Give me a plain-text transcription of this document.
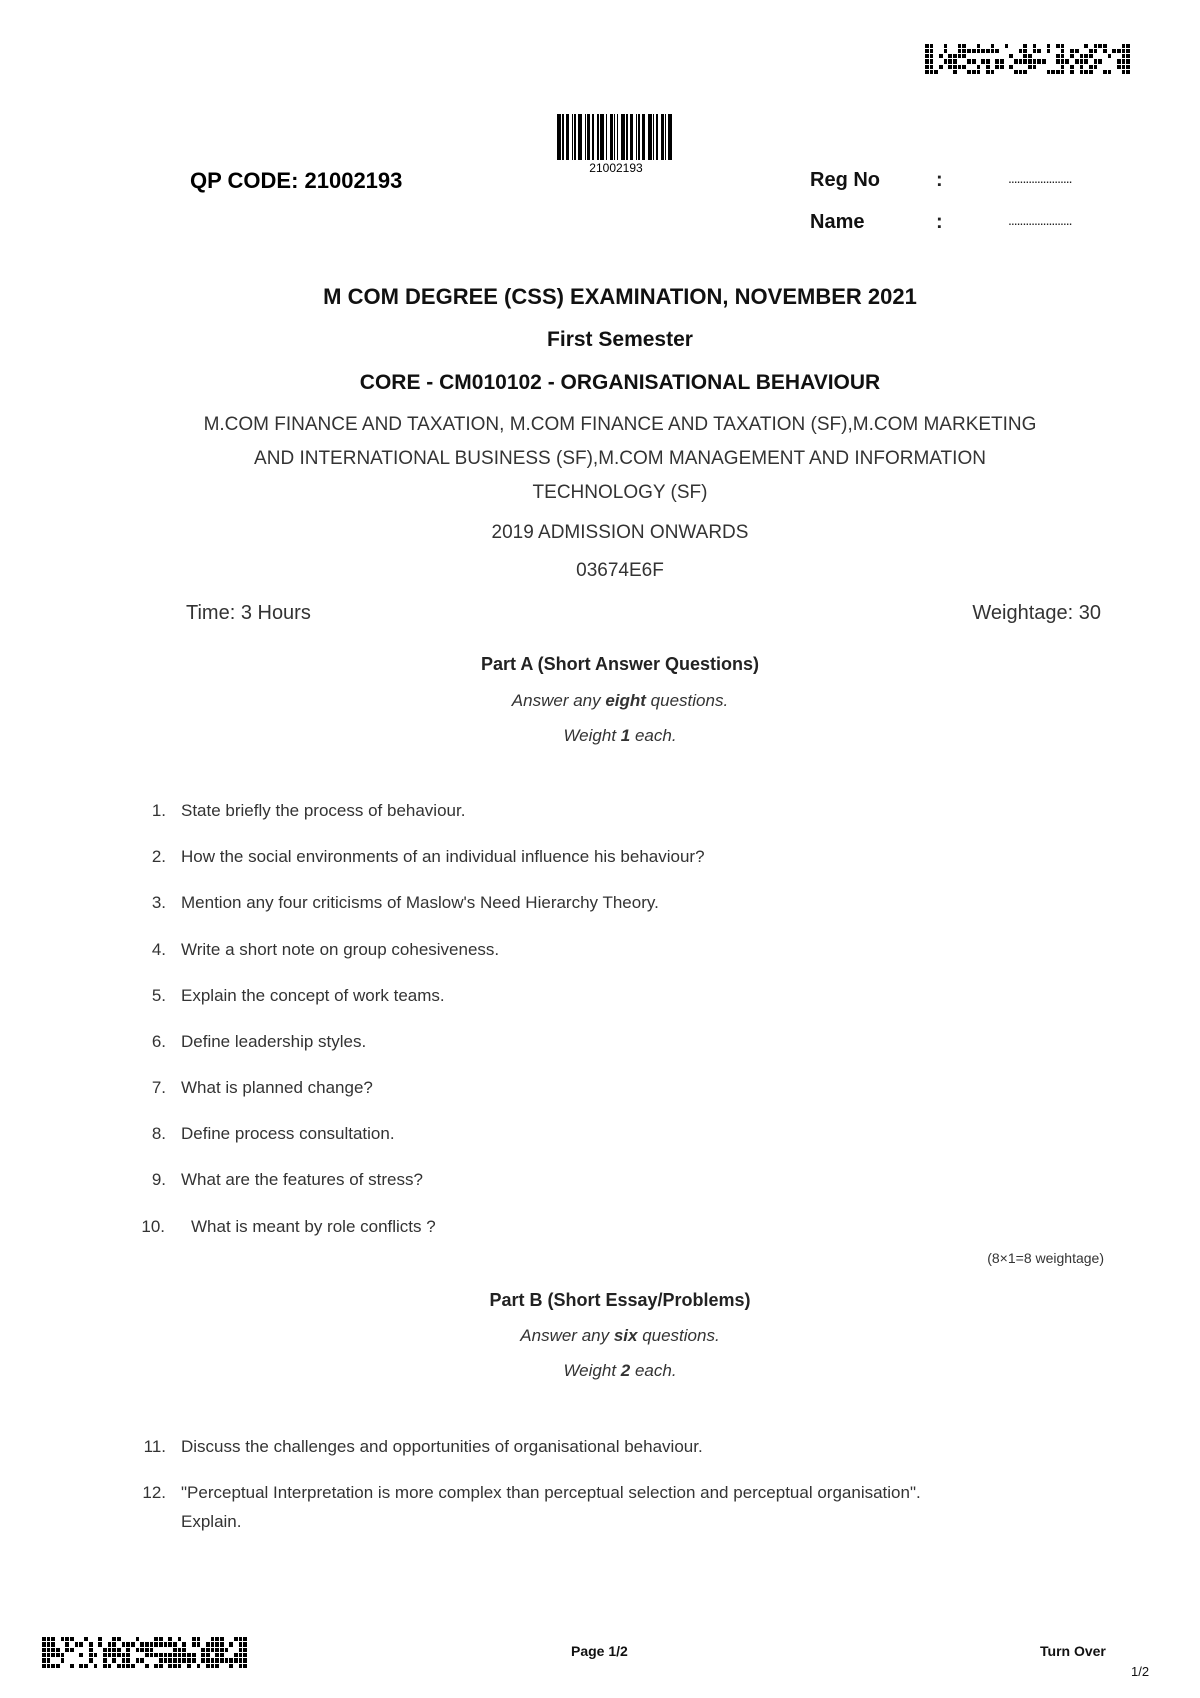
21002193
QP CODE: 21002193	Reg No	:	......................
Name	:	......................
M COM DEGREE (CSS) EXAMINATION, NOVEMBER 2021
First Semester
CORE - CM010102 - ORGANISATIONAL BEHAVIOUR
M.COM FINANCE AND TAXATION, M.COM FINANCE AND TAXATION (SF),M.COM MARKETING
AND INTERNATIONAL BUSINESS (SF),M.COM MANAGEMENT AND INFORMATION
TECHNOLOGY (SF)
2019 ADMISSION ONWARDS
03674E6F
Time: 3 Hours	Weightage: 30
Part A (Short Answer Questions)
Answer any eight questions.
Weight 1 each.
1. State briefly the process of behaviour.
2. How the social environments of an individual influence his behaviour?
3. Mention any four criticisms of Maslow's Need Hierarchy Theory.
4. Write a short note on group cohesiveness.
5. Explain the concept of work teams.
6. Define leadership styles.
7. What is planned change?
8. Define process consultation.
9. What are the features of stress?
10. What is meant by role conflicts ?
(8×1=8 weightage)
Part B (Short Essay/Problems)
Answer any six questions.
Weight 2 each.
11. Discuss the challenges and opportunities of organisational behaviour.
12. "Perceptual Interpretation is more complex than perceptual selection and perceptual organisation".
Explain.
Page 1/2	Turn Over
1/2
